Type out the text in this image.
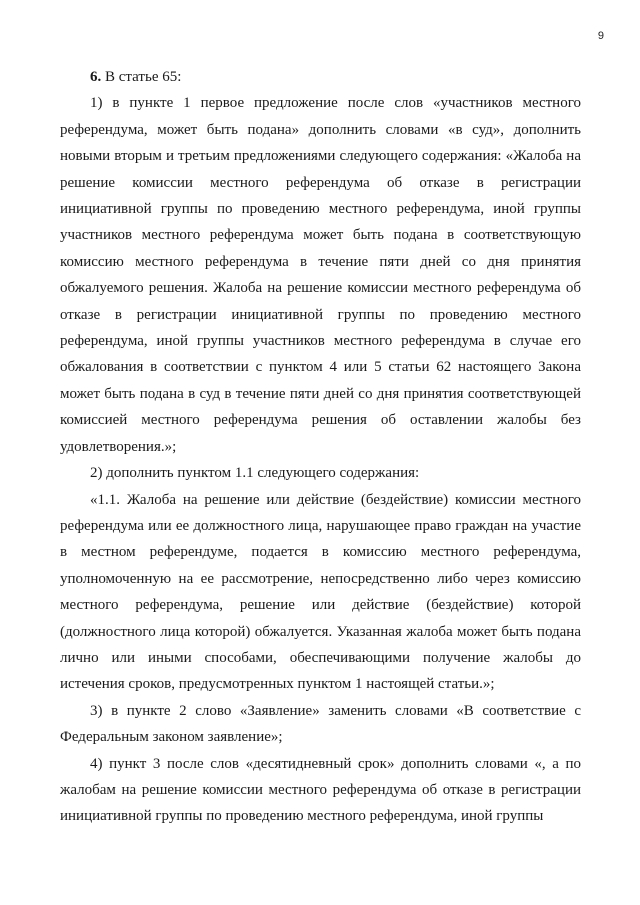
9

6. В статье 65:

1) в пункте 1 первое предложение после слов «участников местного референдума, может быть подана» дополнить словами «в суд», дополнить новыми вторым и третьим предложениями следующего содержания: «Жалоба на решение комиссии местного референдума об отказе в регистрации инициативной группы по проведению местного референдума, иной группы участников местного референдума может быть подана в соответствующую комиссию местного референдума в течение пяти дней со дня принятия обжалуемого решения. Жалоба на решение комиссии местного референдума об отказе в регистрации инициативной группы по проведению местного референдума, иной группы участников местного референдума в случае его обжалования в соответствии с пунктом 4 или 5 статьи 62 настоящего Закона может быть подана в суд в течение пяти дней со дня принятия соответствующей комиссией местного референдума решения об оставлении жалобы без удовлетворения.»;

2) дополнить пунктом 1.1 следующего содержания:

«1.1. Жалоба на решение или действие (бездействие) комиссии местного референдума или ее должностного лица, нарушающее право граждан на участие в местном референдуме, подается в комиссию местного референдума, уполномоченную на ее рассмотрение, непосредственно либо через комиссию местного референдума, решение или действие (бездействие) которой (должностного лица которой) обжалуется. Указанная жалоба может быть подана лично или иными способами, обеспечивающими получение жалобы до истечения сроков, предусмотренных пунктом 1 настоящей статьи.»;

3) в пункте 2 слово «Заявление» заменить словами «В соответствие с Федеральным законом заявление»;

4) пункт 3 после слов «десятидневный срок» дополнить словами «, а по жалобам на решение комиссии местного референдума об отказе в регистрации инициативной группы по проведению местного референдума, иной группы
